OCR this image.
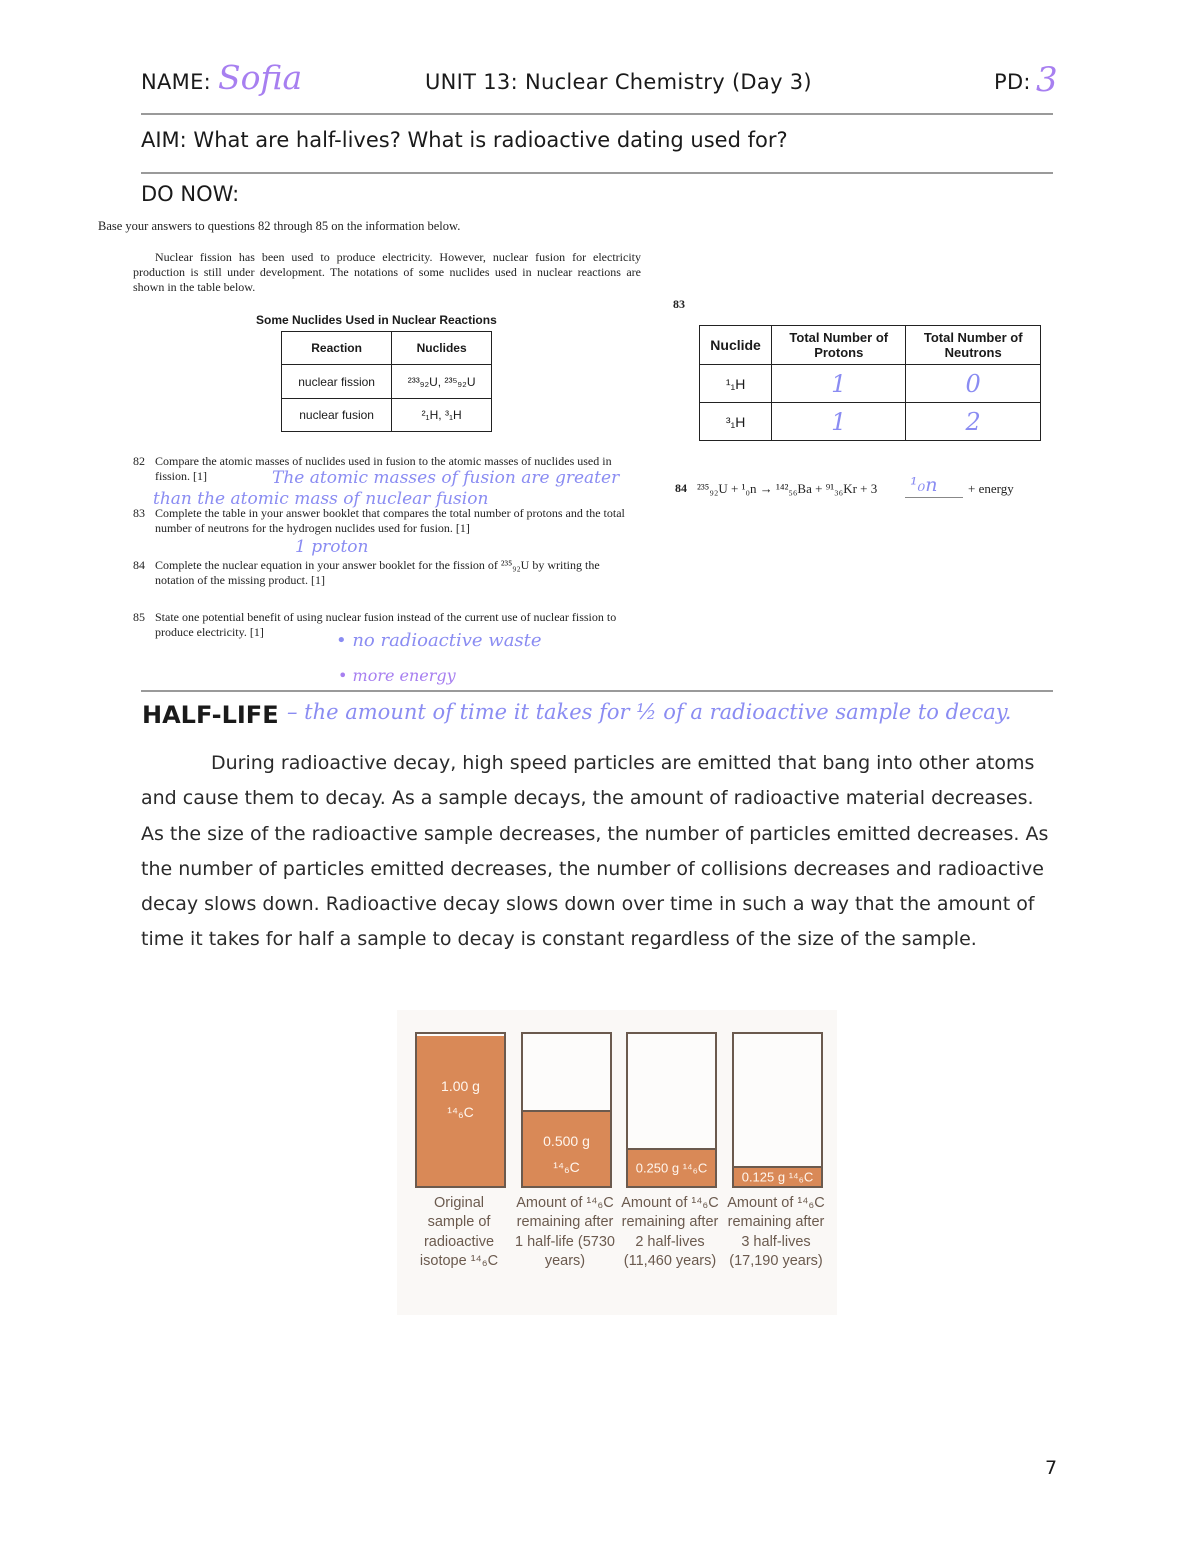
NAME: Sofia	UNIT 13: Nuclear Chemistry (Day 3)	PD: 3
AIM: What are half-lives? What is radioactive dating used for?
DO NOW:
Base your answers to questions 82 through 85 on the information below.
Nuclear fission has been used to produce electricity. However, nuclear fusion for electricity production is still under development. The notations of some nuclides used in nuclear reactions are shown in the table below.
Some Nuclides Used in Nuclear Reactions
Reaction	Nuclides
nuclear fission	²³³₉₂U, ²³⁵₉₂U
nuclear fusion	²₁H, ³₁H
82 Compare the atomic masses of nuclides used in fusion to the atomic masses of nuclides used in fission. [1]	The atomic masses of fusion are greater
than the atomic mass of nuclear fusion
83 Complete the table in your answer booklet that compares the total number of protons and the total number of neutrons for the hydrogen nuclides used for fusion. [1]
1 proton
84 Complete the nuclear equation in your answer booklet for the fission of ²³⁵₉₂U by writing the notation of the missing product. [1]
85 State one potential benefit of using nuclear fusion instead of the current use of nuclear fission to produce electricity. [1]	• no radioactive waste
• more energy
83
Nuclide	Total Number of Protons	Total Number of Neutrons
¹₁H	1	0
³₁H	1	2
84 ²³⁵₉₂U + ¹₀n → ¹⁴²₅₆Ba + ⁹¹₃₆Kr + 3 ¹₀n + energy
HALF-LIFE – the amount of time it takes for ½ of a radioactive sample to decay.
During radioactive decay, high speed particles are emitted that bang into other atoms and cause them to decay. As a sample decays, the amount of radioactive material decreases. As the size of the radioactive sample decreases, the number of particles emitted decreases. As the number of particles emitted decreases, the number of collisions decreases and radioactive decay slows down. Radioactive decay slows down over time in such a way that the amount of time it takes for half a sample to decay is constant regardless of the size of the sample.
1.00 g
¹⁴₆C
Original sample of radioactive isotope ¹⁴₆C
0.500 g
¹⁴₆C
Amount of ¹⁴₆C remaining after 1 half-life (5730 years)
0.250 g ¹⁴₆C
Amount of ¹⁴₆C remaining after 2 half-lives (11,460 years)
0.125 g ¹⁴₆C
Amount of ¹⁴₆C remaining after 3 half-lives (17,190 years)
7
